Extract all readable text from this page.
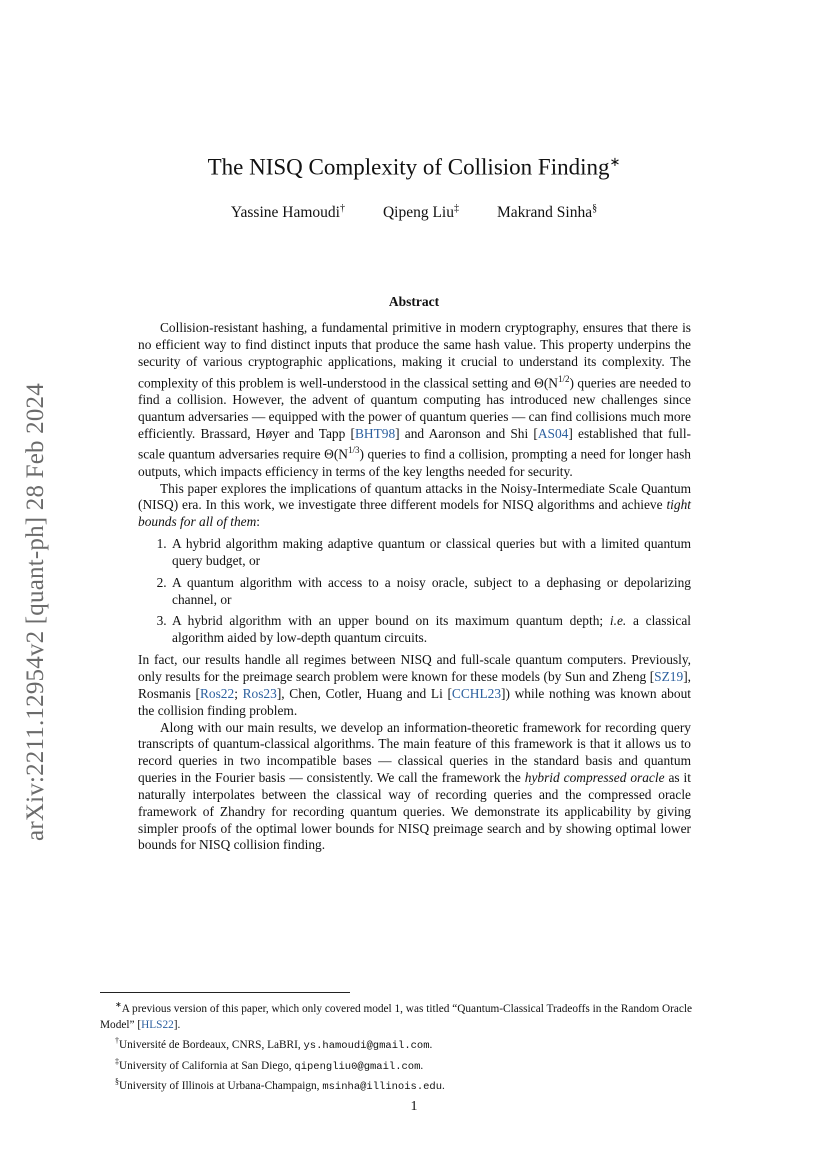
arXiv:2211.12954v2 [quant-ph] 28 Feb 2024
The NISQ Complexity of Collision Finding∗
Yassine Hamoudi† Qipeng Liu‡ Makrand Sinha§
Abstract

Collision-resistant hashing, a fundamental primitive in modern cryptography, ensures that there is no efficient way to find distinct inputs that produce the same hash value. This property underpins the security of various cryptographic applications, making it crucial to understand its complexity. The complexity of this problem is well-understood in the classical setting and $\Theta(N^{1/2})$ queries are needed to find a collision. However, the advent of quantum computing has introduced new challenges since quantum adversaries — equipped with the power of quantum queries — can find collisions much more efficiently. Brassard, Høyer and Tapp [BHT98] and Aaronson and Shi [AS04] established that full-scale quantum adversaries require $\Theta(N^{1/3})$ queries to find a collision, prompting a need for longer hash outputs, which impacts efficiency in terms of the key lengths needed for security.

This paper explores the implications of quantum attacks in the Noisy-Intermediate Scale Quantum (NISQ) era. In this work, we investigate three different models for NISQ algorithms and achieve tight bounds for all of them:

1. A hybrid algorithm making adaptive quantum or classical queries but with a limited quantum query budget, or
2. A quantum algorithm with access to a noisy oracle, subject to a dephasing or depolarizing channel, or
3. A hybrid algorithm with an upper bound on its maximum quantum depth; i.e. a classical algorithm aided by low-depth quantum circuits.

In fact, our results handle all regimes between NISQ and full-scale quantum computers. Previously, only results for the preimage search problem were known for these models (by Sun and Zheng [SZ19], Rosmanis [Ros22; Ros23], Chen, Cotler, Huang and Li [CCHL23]) while nothing was known about the collision finding problem.

Along with our main results, we develop an information-theoretic framework for recording query transcripts of quantum-classical algorithms. The main feature of this framework is that it allows us to record queries in two incompatible bases — classical queries in the standard basis and quantum queries in the Fourier basis — consistently. We call the framework the hybrid compressed oracle as it naturally interpolates between the classical way of recording queries and the compressed oracle framework of Zhandry for recording quantum queries. We demonstrate its applicability by giving simpler proofs of the optimal lower bounds for NISQ preimage search and by showing optimal lower bounds for NISQ collision finding.

∗A previous version of this paper, which only covered model 1, was titled “Quantum-Classical Tradeoffs in the Random Oracle Model” [HLS22].

†Université de Bordeaux, CNRS, LaBRI, ys.hamoudi@gmail.com.

‡University of California at San Diego, qipengliu0@gmail.com.

§University of Illinois at Urbana-Champaign, msinha@illinois.edu.

1
